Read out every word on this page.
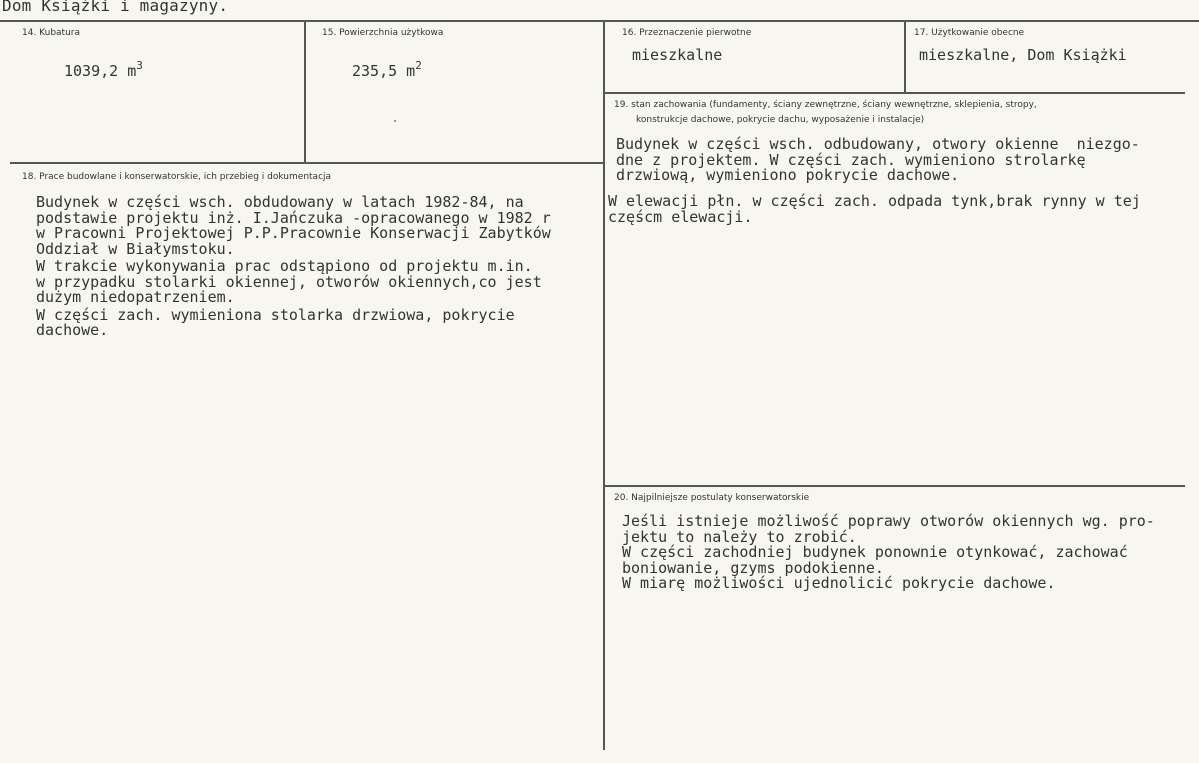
Dom Książki i magazyny.
14. Kubatura
1039,2 $m^3$
15. Powierzchnia użytkowa
235,5 $m^2$
16. Przeznaczenie pierwotne
mieszkalne
17. Użytkowanie obecne
mieszkalne, Dom Książki
18. Prace budowlane i konserwatorskie, ich przebieg i dokumentacja
Budynek w części wsch. obdudowany w latach 1982-84, na
podstawie projektu inż. I.Jańczuka -opracowanego w 1982 r
w Pracowni Projektowej P.P.Pracownie Konserwacji Zabytków
Oddział w Białymstoku.
W trakcie wykonywania prac odstąpiono od projektu m.in.
w przypadku stolarki okiennej, otworów okiennych,co jest
dużym niedopatrzeniem.
W części zach. wymieniona stolarka drzwiowa, pokrycie
dachowe.
19. stan zachowania (fundamenty, ściany zewnętrzne, ściany wewnętrzne, sklepienia, stropy,
konstrukcje dachowe, pokrycie dachu, wyposażenie i instalacje)
Budynek w części wsch. odbudowany, otwory okienne  niezgo-
dne z projektem. W części zach. wymieniono strolarkę
drzwiową, wymieniono pokrycie dachowe.
W elewacji płn. w części zach. odpada tynk,brak rynny w tej
częścm elewacji.
20. Najpilniejsze postulaty konserwatorskie
Jeśli istnieje możliwość poprawy otworów okiennych wg. pro-
jektu to należy to zrobić.
W części zachodniej budynek ponownie otynkować, zachować
boniowanie, gzyms podokienne.
W miarę możliwości ujednolicić pokrycie dachowe.
